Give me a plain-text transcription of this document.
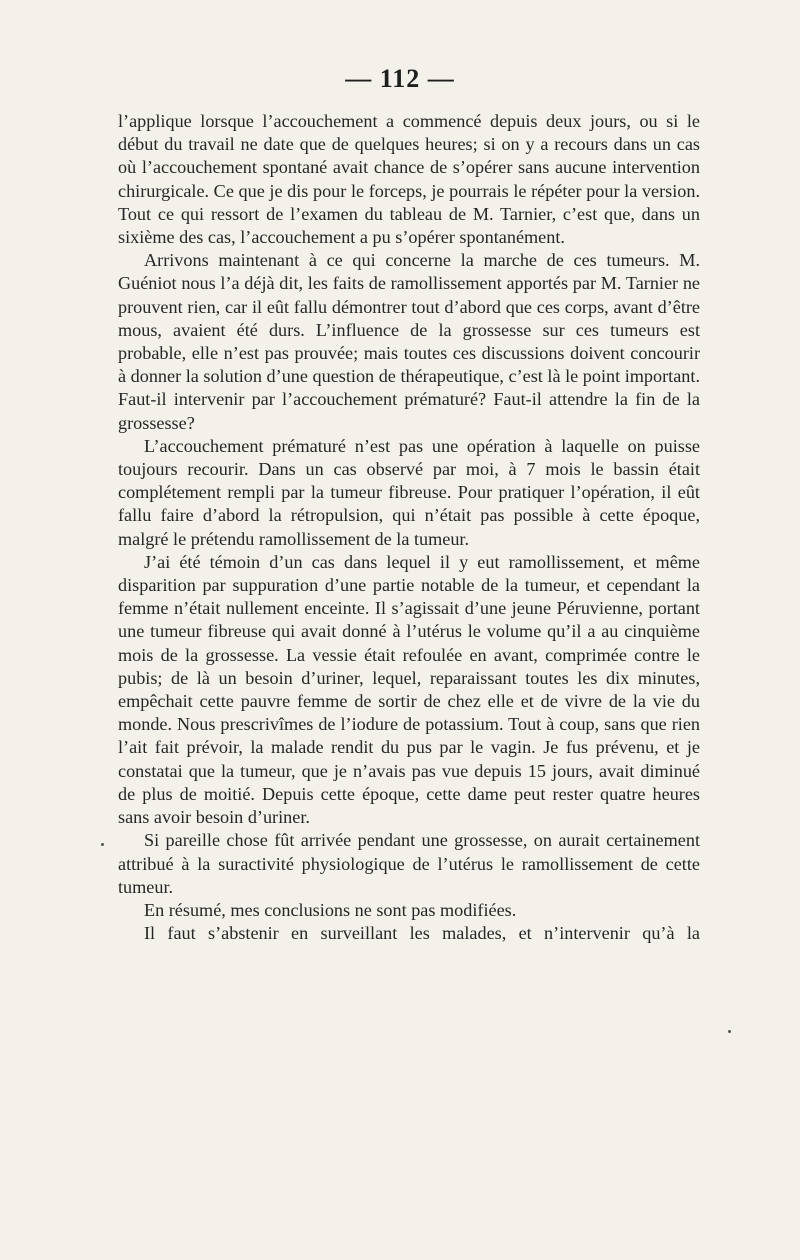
— 112 —

l’applique lorsque l’accouchement a commencé depuis deux jours, ou si le début du travail ne date que de quelques heures; si on y a recours dans un cas où l’accouchement spontané avait chance de s’opérer sans aucune intervention chirurgicale. Ce que je dis pour le forceps, je pourrais le répéter pour la version. Tout ce qui ressort de l’examen du tableau de M. Tarnier, c’est que, dans un sixième des cas, l’accouchement a pu s’opérer spontanément.

Arrivons maintenant à ce qui concerne la marche de ces tumeurs. M. Guéniot nous l’a déjà dit, les faits de ramollissement apportés par M. Tarnier ne prouvent rien, car il eût fallu démontrer tout d’abord que ces corps, avant d’être mous, avaient été durs. L’influence de la grossesse sur ces tumeurs est probable, elle n’est pas prouvée; mais toutes ces discussions doivent concourir à donner la solution d’une question de thérapeutique, c’est là le point important. Faut-il intervenir par l’accouchement prématuré? Faut-il attendre la fin de la grossesse?

L’accouchement prématuré n’est pas une opération à laquelle on puisse toujours recourir. Dans un cas observé par moi, à 7 mois le bassin était complétement rempli par la tumeur fibreuse. Pour pratiquer l’opération, il eût fallu faire d’abord la rétropulsion, qui n’était pas possible à cette époque, malgré le prétendu ramollissement de la tumeur.

J’ai été témoin d’un cas dans lequel il y eut ramollissement, et même disparition par suppuration d’une partie notable de la tumeur, et cependant la femme n’était nullement enceinte. Il s’agissait d’une jeune Péruvienne, portant une tumeur fibreuse qui avait donné à l’utérus le volume qu’il a au cinquième mois de la grossesse. La vessie était refoulée en avant, comprimée contre le pubis; de là un besoin d’uriner, lequel, reparaissant toutes les dix minutes, empêchait cette pauvre femme de sortir de chez elle et de vivre de la vie du monde. Nous prescrivîmes de l’iodure de potassium. Tout à coup, sans que rien l’ait fait prévoir, la malade rendit du pus par le vagin. Je fus prévenu, et je constatai que la tumeur, que je n’avais pas vue depuis 15 jours, avait diminué de plus de moitié. Depuis cette époque, cette dame peut rester quatre heures sans avoir besoin d’uriner.

Si pareille chose fût arrivée pendant une grossesse, on aurait certainement attribué à la suractivité physiologique de l’utérus le ramollissement de cette tumeur.

En résumé, mes conclusions ne sont pas modifiées.

Il faut s’abstenir en surveillant les malades, et n’intervenir qu’à la
